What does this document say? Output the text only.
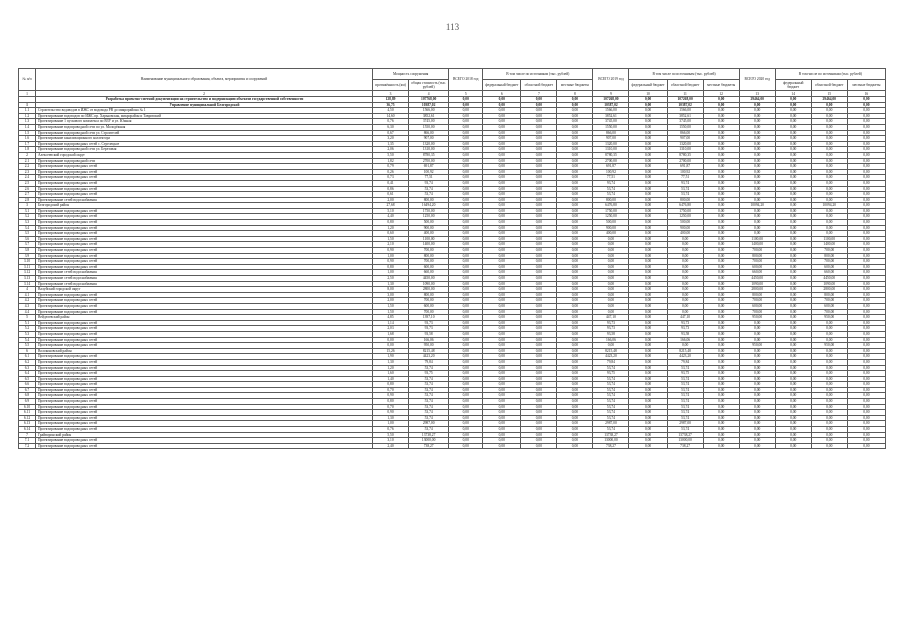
113
№ п/п	Наименование муниципального образования, объекта, мероприятия и сооружений	Мощность сооружения		ВСЕГО 2018 год	В том числе по источникам (тыс. рублей)			ВСЕГО 2019 год	В том числе по источникам (тыс. рублей)			ВСЕГО 2020 год	В том числе по источникам (тыс. рублей)		
		протяжённость (км)	общая стоимость (тыс. рублей)		федеральный бюджет	областной бюджет	местные бюджеты		федеральный бюджет	областной бюджет	местные бюджеты		федеральный бюджет	областной бюджет	местные бюджеты
1	2	3	4	5	6	7	8	9	10	11	12	13	14	15	16
	Разработка проектно-сметной документации на строительство и модернизацию объектов государственной собственности	128,89	107768,00	0,00	0,00	0,00	0,00	107268,00	0,00	107268,00	0,00	29464,00	0,00	29464,00	0,00
1	Управление муниципальной Белгородской	36,75	10387,02	0,00	0,00	0,00	0,00	10387,02	0,00	10387,02	0,00	0,00	0,00	0,00	0,00
1.1	Строительство водоводов в ИЖС от водовода РВ до микрорайона № 1	4,50	1566,00	0,00	0,00	0,00	0,00	1566,00	0,00	1566,00	0,00	0,00	0,00	0,00	0,00
1.2	Проектирование водоводов по ИЖС пр. Харьковская, микрорайон и Тавровский	14,60	3852,61	0,00	0,00	0,00	0,00	3852,61	0,00	3852,61	0,00	0,00	0,00	0,00	0,00
1.3	Проектирование 1 пускового комплекса по ВЗУ и ул. Южная	0,76	3745,00	0,00	0,00	0,00	0,00	3745,00	0,00	3745,00	0,00	0,00	0,00	0,00	0,00
1.4	Проектирование водопроводной сети по ул. Молодёжная	6,30	1550,00	0,00	0,00	0,00	0,00	1550,00	0,00	1550,00	0,00	0,00	0,00	0,00	0,00
1.5	Проектирование водопроводной сети ул. Строителей	0,67	866,00	0,00	0,00	0,00	0,00	866,00	0,00	866,00	0,00	0,00	0,00	0,00	0,00
1.6	Проектирование канализационного коллектора	3,20	907,00	0,00	0,00	0,00	0,00	907,00	0,00	907,00	0,00	0,00	0,00	0,00	0,00
1.7	Проектирование водопроводных сетей с. Стрелецкое	1,35	1320,00	0,00	0,00	0,00	0,00	1320,00	0,00	1320,00	0,00	0,00	0,00	0,00	0,00
1.8	Проектирование водопроводной сети ул. Березовая	2,06	1310,00	0,00	0,00	0,00	0,00	1310,00	0,00	1310,00	0,00	0,00	0,00	0,00	0,00
2	Алексеевский городской округ	5,50	8780,35	0,00	0,00	0,00	0,00	8780,35	0,00	8780,35	0,00	0,00	0,00	0,00	0,00
2.1	Проектирование водопроводной сети	1,82	2700,00	0,00	0,00	0,00	0,00	2700,00	0,00	2700,00	0,00	0,00	0,00	0,00	0,00
2.2	Проектирование водопроводных сетей	0,79	691,87	0,00	0,00	0,00	0,00	691,87	0,00	691,87	0,00	0,00	0,00	0,00	0,00
2.3	Проектирование водопроводных сетей	0,26	100,92	0,00	0,00	0,00	0,00	100,92	0,00	100,92	0,00	0,00	0,00	0,00	0,00
2.4	Проектирование водопроводных сетей	0,73	77,51	0,00	0,00	0,00	0,00	77,51	0,00	77,51	0,00	0,00	0,00	0,00	0,00
2.5	Проектирование водопроводных сетей	0,41	93,74	0,00	0,00	0,00	0,00	93,74	0,00	93,74	0,00	0,00	0,00	0,00	0,00
2.6	Проектирование водопроводных сетей	0,86	53,74	0,00	0,00	0,00	0,00	53,74	0,00	53,74	0,00	0,00	0,00	0,00	0,00
2.7	Проектирование водопроводных сетей	0,61	53,74	0,00	0,00	0,00	0,00	53,74	0,00	53,74	0,00	0,00	0,00	0,00	0,00
2.8	Проектирование сетей водоснабжения	2,00	800,00	0,00	0,00	0,00	0,00	800,00	0,00	800,00	0,00	0,00	0,00	0,00	0,00
3	Белгородский район	27,68	16494,20	0,00	0,00	0,00	0,00	6476,80	0,00	6476,80	0,00	10094,20	0,00	10094,20	0,00
3.1	Проектирование водопроводных сетей	5,10	1750,00	0,00	0,00	0,00	0,00	1750,00	0,00	1750,00	0,00	0,00	0,00	0,00	0,00
3.2	Проектирование водопроводных сетей	4,40	1250,00	0,00	0,00	0,00	0,00	1250,00	0,00	1250,00	0,00	0,00	0,00	0,00	0,00
3.3	Проектирование водопроводных сетей	0,80	500,00	0,00	0,00	0,00	0,00	500,00	0,00	500,00	0,00	0,00	0,00	0,00	0,00
3.4	Проектирование водопроводных сетей	1,20	900,00	0,00	0,00	0,00	0,00	900,00	0,00	900,00	0,00	0,00	0,00	0,00	0,00
3.5	Проектирование водопроводных сетей	0,60	400,00	0,00	0,00	0,00	0,00	400,00	0,00	400,00	0,00	0,00	0,00	0,00	0,00
3.6	Проектирование водопроводных сетей	1,50	1100,00	0,00	0,00	0,00	0,00	0,00	0,00	0,00	0,00	1100,00	0,00	1100,00	0,00
3.7	Проектирование водопроводных сетей	2,10	1400,00	0,00	0,00	0,00	0,00	0,00	0,00	0,00	0,00	1400,00	0,00	1400,00	0,00
3.8	Проектирование водопроводных сетей	0,90	700,00	0,00	0,00	0,00	0,00	0,00	0,00	0,00	0,00	700,00	0,00	700,00	0,00
3.9	Проектирование водопроводных сетей	1,00	800,00	0,00	0,00	0,00	0,00	0,00	0,00	0,00	0,00	800,00	0,00	800,00	0,00
3.10	Проектирование водопроводных сетей	0,90	700,00	0,00	0,00	0,00	0,00	0,00	0,00	0,00	0,00	700,00	0,00	700,00	0,00
3.11	Проектирование водопроводных сетей	0,80	600,00	0,00	0,00	0,00	0,00	0,00	0,00	0,00	0,00	600,00	0,00	600,00	0,00
3.12	Проектирование сетей водоснабжения	1,00	660,00	0,00	0,00	0,00	0,00	0,00	0,00	0,00	0,00	660,00	0,00	660,00	0,00
3.13	Проектирование сетей водоснабжения	2,50	4450,00	0,00	0,00	0,00	0,00	0,00	0,00	0,00	0,00	4450,00	0,00	4450,00	0,00
3.14	Проектирование сетей водоснабжения	1,30	1090,00	0,00	0,00	0,00	0,00	0,00	0,00	0,00	0,00	1090,00	0,00	1090,00	0,00
4	Валуйский городской округ	8,00	2800,00	0,00	0,00	0,00	0,00	0,00	0,00	0,00	0,00	2800,00	0,00	2800,00	0,00
4.1	Проектирование водопроводных сетей	3,00	800,00	0,00	0,00	0,00	0,00	0,00	0,00	0,00	0,00	800,00	0,00	800,00	0,00
4.2	Проектирование водопроводных сетей	2,00	700,00	0,00	0,00	0,00	0,00	0,00	0,00	0,00	0,00	700,00	0,00	700,00	0,00
4.3	Проектирование водопроводных сетей	1,50	600,00	0,00	0,00	0,00	0,00	0,00	0,00	0,00	0,00	600,00	0,00	600,00	0,00
4.4	Проектирование водопроводных сетей	1,50	700,00	0,00	0,00	0,00	0,00	0,00	0,00	0,00	0,00	700,00	0,00	700,00	0,00
5	Вейделевский район	4,85	1397,10	0,00	0,00	0,00	0,00	447,10	0,00	447,10	0,00	950,00	0,00	950,00	0,00
5.1	Проектирование водопроводных сетей	1,14	93,73	0,00	0,00	0,00	0,00	93,73	0,00	93,73	0,00	0,00	0,00	0,00	0,00
5.2	Проектирование водопроводных сетей	2,03	93,73	0,00	0,00	0,00	0,00	93,73	0,00	93,73	0,00	0,00	0,00	0,00	0,00
5.3	Проектирование водопроводных сетей	1,68	93,58	0,00	0,00	0,00	0,00	93,58	0,00	93,58	0,00	0,00	0,00	0,00	0,00
5.4	Проектирование водопроводных сетей	0,00	166,06	0,00	0,00	0,00	0,00	166,06	0,00	166,06	0,00	0,00	0,00	0,00	0,00
5.5	Проектирование водопроводных сетей	0,00	950,00	0,00	0,00	0,00	0,00	0,00	0,00	0,00	0,00	950,00	0,00	950,00	0,00
6	Волоконовский район	15,26	8215,48	0,00	0,00	0,00	0,00	8215,48	0,00	8215,48	0,00	0,00	0,00	0,00	0,00
6.1	Проектирование водопроводных сетей	1,90	4423,20	0,00	0,00	0,00	0,00	4423,20	0,00	4423,20	0,00	0,00	0,00	0,00	0,00
6.2	Проектирование водопроводных сетей	1,30	79,84	0,00	0,00	0,00	0,00	79,84	0,00	79,84	0,00	0,00	0,00	0,00	0,00
6.3	Проектирование водопроводных сетей	1,20	53,74	0,00	0,00	0,00	0,00	53,74	0,00	53,74	0,00	0,00	0,00	0,00	0,00
6.4	Проектирование водопроводных сетей	1,60	93,75	0,00	0,00	0,00	0,00	93,75	0,00	93,75	0,00	0,00	0,00	0,00	0,00
6.5	Проектирование водопроводных сетей	1,40	53,74	0,00	0,00	0,00	0,00	53,74	0,00	53,74	0,00	0,00	0,00	0,00	0,00
6.6	Проектирование водопроводных сетей	0,80	53,74	0,00	0,00	0,00	0,00	53,74	0,00	53,74	0,00	0,00	0,00	0,00	0,00
6.7	Проектирование водопроводных сетей	0,70	53,74	0,00	0,00	0,00	0,00	53,74	0,00	53,74	0,00	0,00	0,00	0,00	0,00
6.8	Проектирование водопроводных сетей	0,90	53,74	0,00	0,00	0,00	0,00	53,74	0,00	53,74	0,00	0,00	0,00	0,00	0,00
6.9	Проектирование водопроводных сетей	0,80	53,74	0,00	0,00	0,00	0,00	53,74	0,00	53,74	0,00	0,00	0,00	0,00	0,00
6.10	Проектирование водопроводных сетей	0,70	53,74	0,00	0,00	0,00	0,00	53,74	0,00	53,74	0,00	0,00	0,00	0,00	0,00
6.11	Проектирование водопроводных сетей	0,90	53,74	0,00	0,00	0,00	0,00	53,74	0,00	53,74	0,00	0,00	0,00	0,00	0,00
6.12	Проектирование водопроводных сетей	1,30	53,74	0,00	0,00	0,00	0,00	53,74	0,00	53,74	0,00	0,00	0,00	0,00	0,00
6.13	Проектирование водопроводных сетей	1,00	2987,00	0,00	0,00	0,00	0,00	2987,00	0,00	2987,00	0,00	0,00	0,00	0,00	0,00
6.14	Проектирование водопроводных сетей	0,76	53,74	0,00	0,00	0,00	0,00	53,74	0,00	53,74	0,00	0,00	0,00	0,00	0,00
7	Грайворонский район	5,50	13738,27	0,00	0,00	0,00	0,00	13738,27	0,00	13738,27	0,00	0,00	0,00	0,00	0,00
7.1	Проектирование водопроводных сетей	3,10	13000,00	0,00	0,00	0,00	0,00	13000,00	0,00	13000,00	0,00	0,00	0,00	0,00	0,00
7.2	Проектирование водопроводных сетей	2,40	738,27	0,00	0,00	0,00	0,00	738,27	0,00	738,27	0,00	0,00	0,00	0,00	0,00
